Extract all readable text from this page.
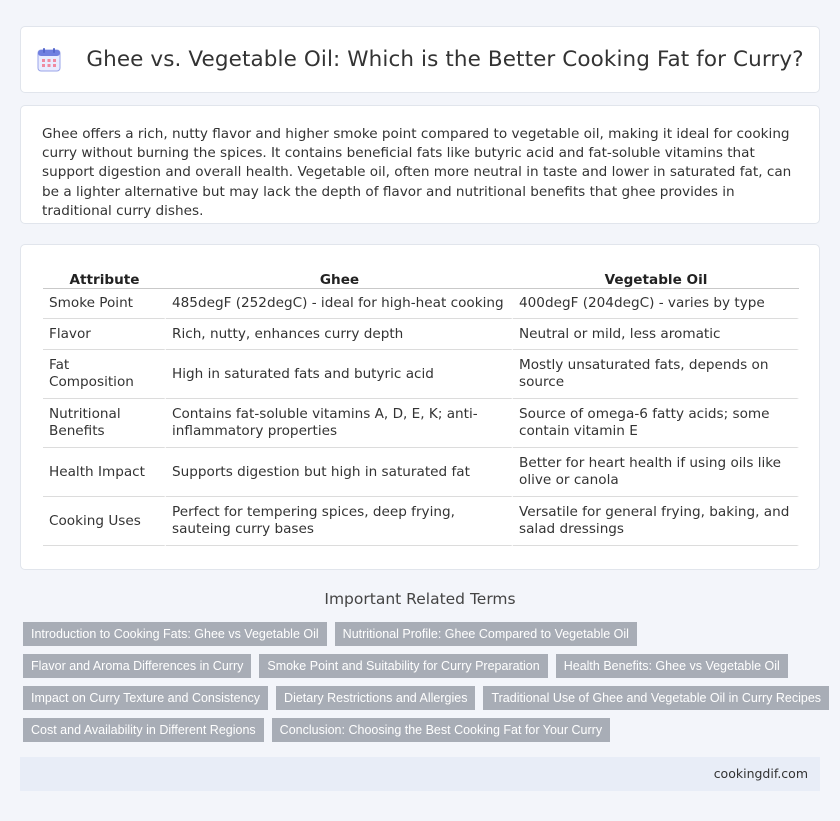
Ghee vs. Vegetable Oil: Which is the Better Cooking Fat for Curry?

Ghee offers a rich, nutty flavor and higher smoke point compared to vegetable oil, making it ideal for cooking curry without burning the spices. It contains beneficial fats like butyric acid and fat-soluble vitamins that support digestion and overall health. Vegetable oil, often more neutral in taste and lower in saturated fat, can be a lighter alternative but may lack the depth of flavor and nutritional benefits that ghee provides in traditional curry dishes.

Attribute	Ghee	Vegetable Oil
Smoke Point	485degF (252degC) - ideal for high-heat cooking	400degF (204degC) - varies by type
Flavor	Rich, nutty, enhances curry depth	Neutral or mild, less aromatic
Fat Composition	High in saturated fats and butyric acid	Mostly unsaturated fats, depends on source
Nutritional Benefits	Contains fat-soluble vitamins A, D, E, K; anti-inflammatory properties	Source of omega-6 fatty acids; some contain vitamin E
Health Impact	Supports digestion but high in saturated fat	Better for heart health if using oils like olive or canola
Cooking Uses	Perfect for tempering spices, deep frying, sauteing curry bases	Versatile for general frying, baking, and salad dressings
Important Related Terms
Introduction to Cooking Fats: Ghee vs Vegetable Oil	Nutritional Profile: Ghee Compared to Vegetable Oil
Flavor and Aroma Differences in Curry	Smoke Point and Suitability for Curry Preparation	Health Benefits: Ghee vs Vegetable Oil
Impact on Curry Texture and Consistency	Dietary Restrictions and Allergies	Traditional Use of Ghee and Vegetable Oil in Curry Recipes
Cost and Availability in Different Regions	Conclusion: Choosing the Best Cooking Fat for Your Curry
cookingdif.com
